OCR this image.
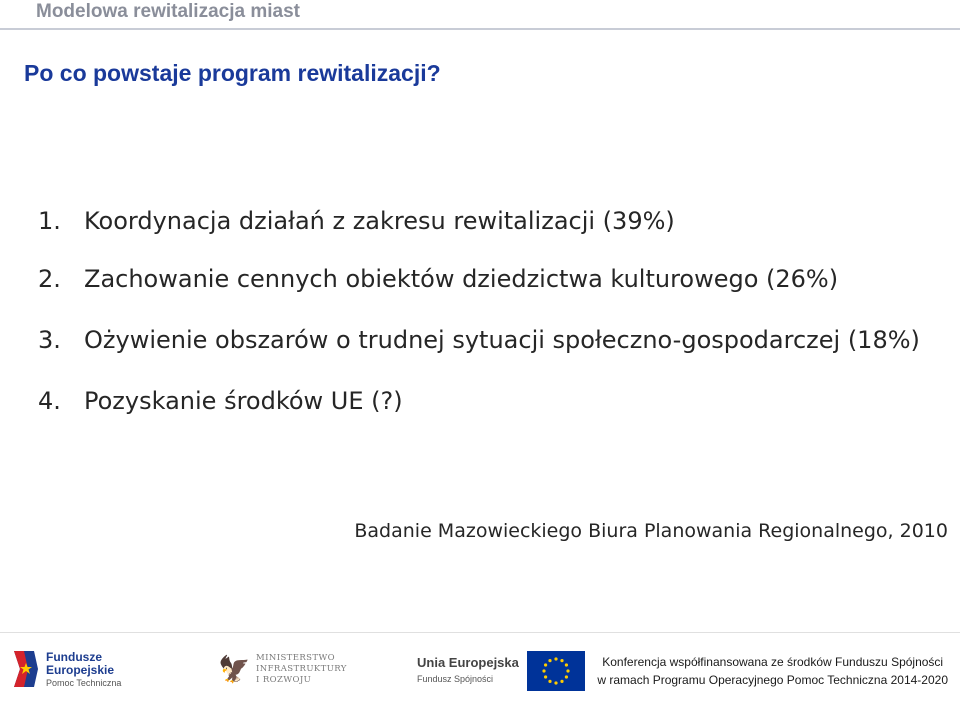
Modelowa rewitalizacja miast
Po co powstaje program rewitalizacji?
1. Koordynacja działań z zakresu rewitalizacji (39%)
2. Zachowanie cennych obiektów dziedzictwa kulturowego (26%)
3. Ożywienie obszarów o trudnej sytuacji społeczno-gospodarczej (18%)
4. Pozyskanie środków UE (?)
Badanie Mazowieckiego Biura Planowania Regionalnego, 2010
Fundusze
Europejskie
Pomoc Techniczna	🦅 MINISTERSTWO
INFRASTRUKTURY
I ROZWOJU
Unia Europejska
Fundusz Spójności
Konferencja współfinansowana ze środków Funduszu Spójności
w ramach Programu Operacyjnego Pomoc Techniczna 2014-2020
